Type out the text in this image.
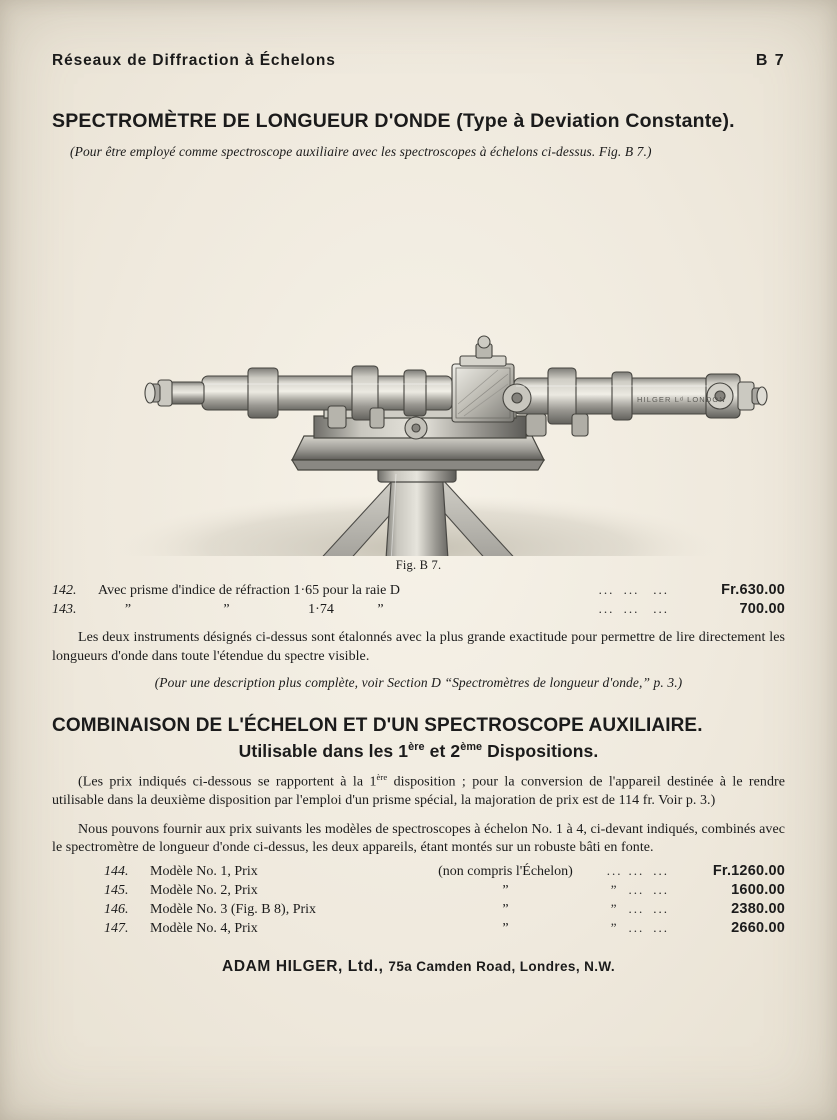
Réseaux de Diffraction à Échelons	B 7
SPECTROMÈTRE DE LONGUEUR D'ONDE (Type à Deviation Constante).
(Pour être employé comme spectroscope auxiliaire avec les spectroscopes à échelons ci-dessus. Fig. B 7.)
HILGER Lᵈ LONDON
Fig. B 7.
142.	Avec prisme d'indice de réfraction 1·65 pour la raie D	...	...	...	Fr.630.00
143.	” ” 1·74 ”	...	...	...	700.00

Les deux instruments désignés ci-dessus sont étalonnés avec la plus grande exactitude pour permettre de lire directement les longueurs d'onde dans toute l'étendue du spectre visible.

(Pour une description plus complète, voir Section D “Spectromètres de longueur d'onde,” p. 3.)

COMBINAISON DE L'ÉCHELON ET D'UN SPECTROSCOPE AUXILIAIRE.
Utilisable dans les 1ère et 2ème Dispositions.

(Les prix indiqués ci-dessous se rapportent à la 1ère disposition ; pour la conversion de l'appareil destinée à le rendre utilisable dans la deuxième disposition par l'emploi d'un prisme spécial, la majoration de prix est de 114 fr. Voir p. 3.)

Nous pouvons fournir aux prix suivants les modèles de spectroscopes à échelon No. 1 à 4, ci-devant indiqués, combinés avec le spectromètre de longueur d'onde ci-dessus, les deux appareils, étant montés sur un robuste bâti en fonte.

144.	Modèle No. 1, Prix	(non compris l'Échelon)	...	...	...	Fr.1260.00
145.	Modèle No. 2, Prix	”	”	...	...	1600.00
146.	Modèle No. 3 (Fig. B 8), Prix	”	”	...	...	2380.00
147.	Modèle No. 4, Prix	”	”	...	...	2660.00
ADAM HILGER, Ltd., 75a Camden Road, Londres, N.W.
